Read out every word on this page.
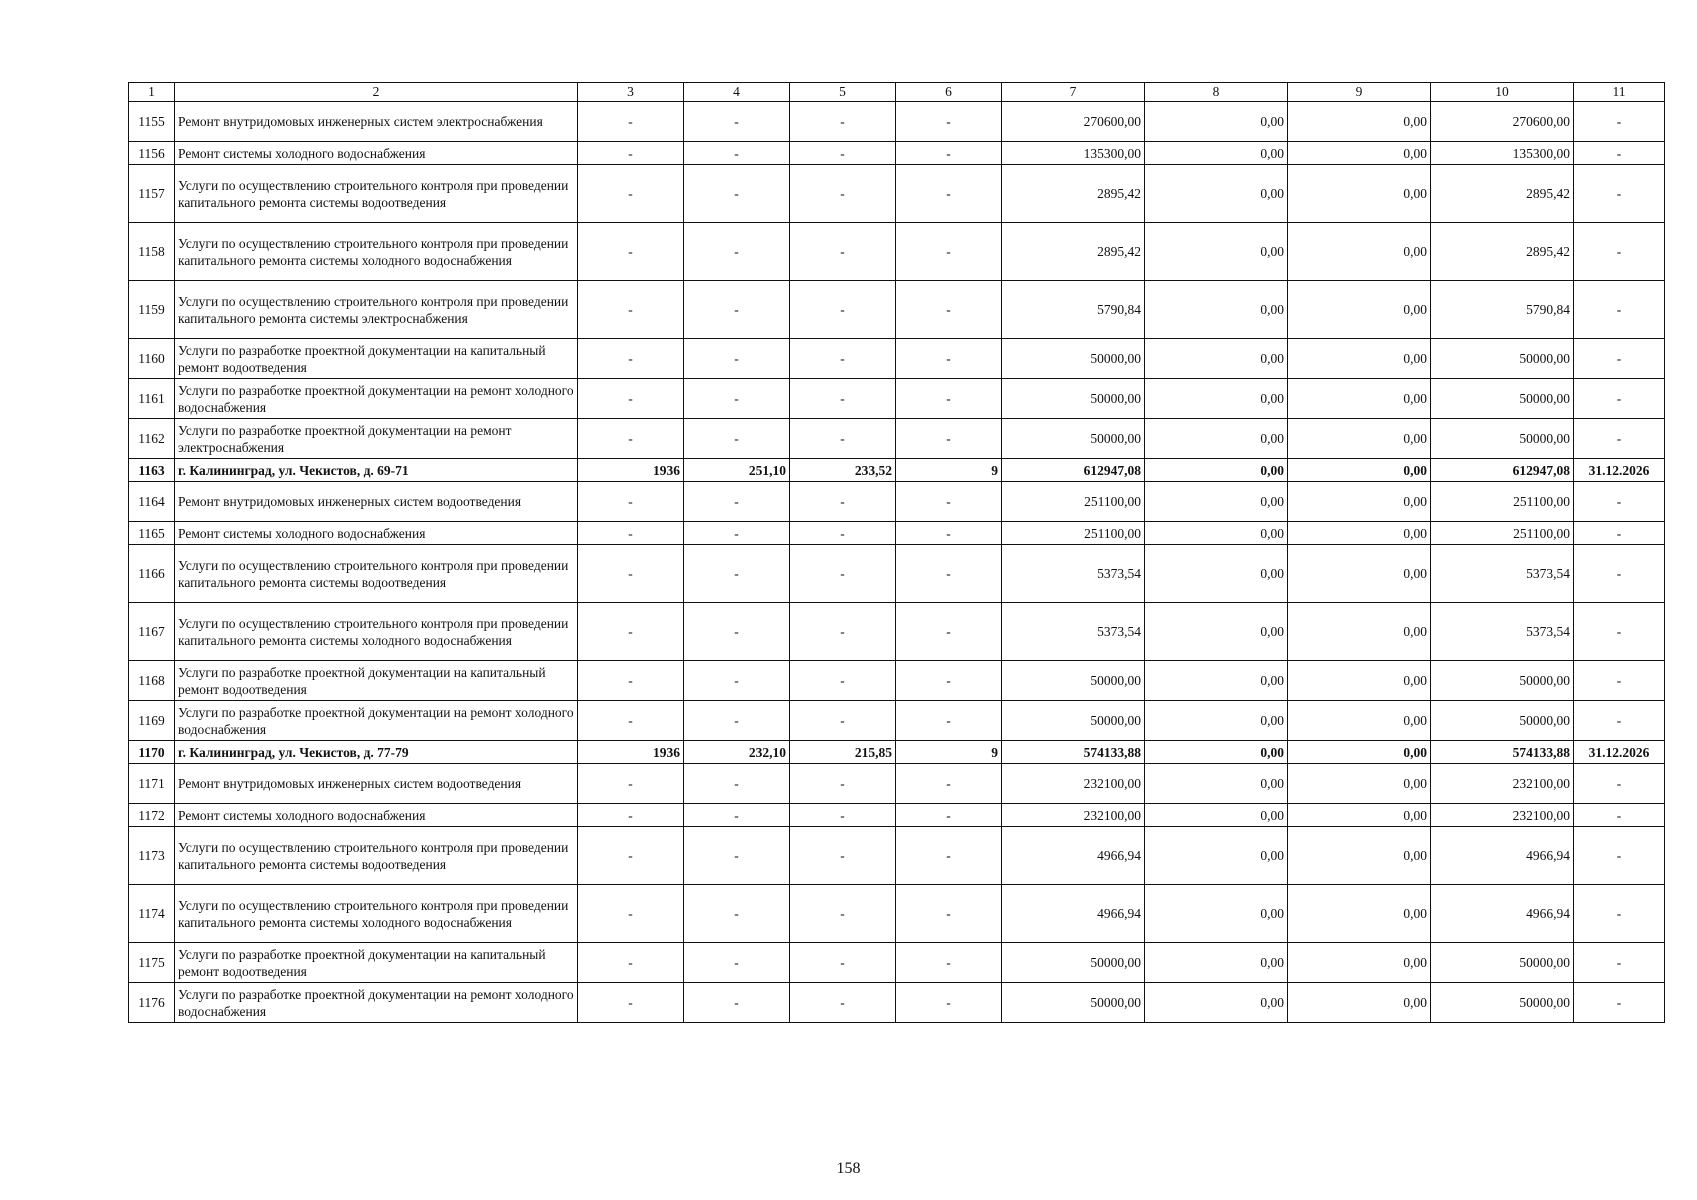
1	2	3	4	5	6	7	8	9	10	11
1155	Ремонт внутридомовых инженерных систем электроснабжения	-	-	-	-	270600,00	0,00	0,00	270600,00	-
1156	Ремонт системы холодного водоснабжения	-	-	-	-	135300,00	0,00	0,00	135300,00	-
1157	Услуги по осуществлению строительного контроля при проведении капитального ремонта системы водоотведения	-	-	-	-	2895,42	0,00	0,00	2895,42	-
1158	Услуги по осуществлению строительного контроля при проведении капитального ремонта системы холодного водоснабжения	-	-	-	-	2895,42	0,00	0,00	2895,42	-
1159	Услуги по осуществлению строительного контроля при проведении капитального ремонта системы электроснабжения	-	-	-	-	5790,84	0,00	0,00	5790,84	-
1160	Услуги по разработке проектной документации на капитальный ремонт водоотведения	-	-	-	-	50000,00	0,00	0,00	50000,00	-
1161	Услуги по разработке проектной документации на ремонт холодного водоснабжения	-	-	-	-	50000,00	0,00	0,00	50000,00	-
1162	Услуги по разработке проектной документации на ремонт электроснабжения	-	-	-	-	50000,00	0,00	0,00	50000,00	-
1163	г. Калининград, ул. Чекистов, д. 69-71	1936	251,10	233,52	9	612947,08	0,00	0,00	612947,08	31.12.2026
1164	Ремонт внутридомовых инженерных систем водоотведения	-	-	-	-	251100,00	0,00	0,00	251100,00	-
1165	Ремонт системы холодного водоснабжения	-	-	-	-	251100,00	0,00	0,00	251100,00	-
1166	Услуги по осуществлению строительного контроля при проведении капитального ремонта системы водоотведения	-	-	-	-	5373,54	0,00	0,00	5373,54	-
1167	Услуги по осуществлению строительного контроля при проведении капитального ремонта системы холодного водоснабжения	-	-	-	-	5373,54	0,00	0,00	5373,54	-
1168	Услуги по разработке проектной документации на капитальный ремонт водоотведения	-	-	-	-	50000,00	0,00	0,00	50000,00	-
1169	Услуги по разработке проектной документации на ремонт холодного водоснабжения	-	-	-	-	50000,00	0,00	0,00	50000,00	-
1170	г. Калининград, ул. Чекистов, д. 77-79	1936	232,10	215,85	9	574133,88	0,00	0,00	574133,88	31.12.2026
1171	Ремонт внутридомовых инженерных систем водоотведения	-	-	-	-	232100,00	0,00	0,00	232100,00	-
1172	Ремонт системы холодного водоснабжения	-	-	-	-	232100,00	0,00	0,00	232100,00	-
1173	Услуги по осуществлению строительного контроля при проведении капитального ремонта системы водоотведения	-	-	-	-	4966,94	0,00	0,00	4966,94	-
1174	Услуги по осуществлению строительного контроля при проведении капитального ремонта системы холодного водоснабжения	-	-	-	-	4966,94	0,00	0,00	4966,94	-
1175	Услуги по разработке проектной документации на капитальный ремонт водоотведения	-	-	-	-	50000,00	0,00	0,00	50000,00	-
1176	Услуги по разработке проектной документации на ремонт холодного водоснабжения	-	-	-	-	50000,00	0,00	0,00	50000,00	-
158
